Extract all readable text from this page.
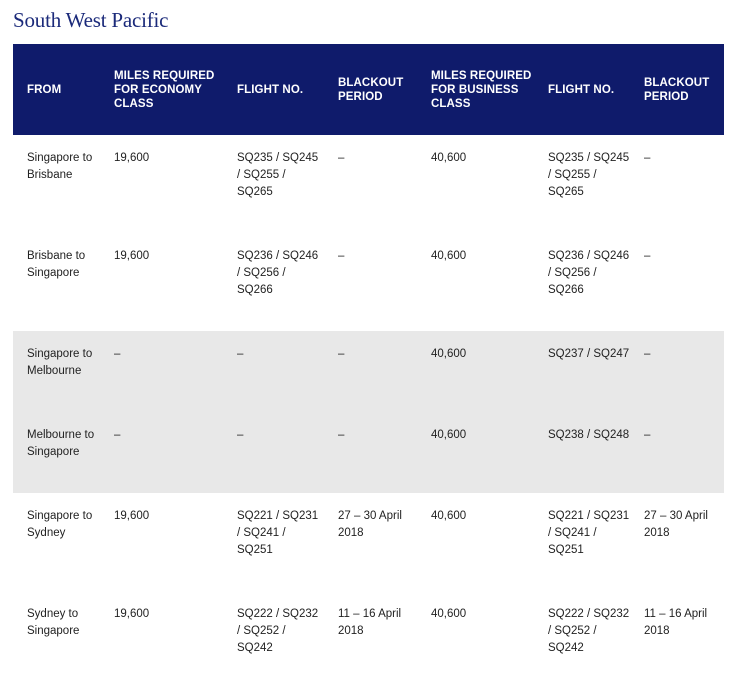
South West Pacific
FROM	MILES REQUIRED FOR ECONOMY CLASS	FLIGHT NO.	BLACKOUT PERIOD	MILES REQUIRED FOR BUSINESS CLASS	FLIGHT NO.	BLACKOUT PERIOD
Singapore to Brisbane	19,600	SQ235 / SQ245 / SQ255 / SQ265	–	40,600	SQ235 / SQ245 / SQ255 / SQ265	–
Brisbane to Singapore	19,600	SQ236 / SQ246 / SQ256 / SQ266	–	40,600	SQ236 / SQ246 / SQ256 / SQ266	–
Singapore to Melbourne	–	–	–	40,600	SQ237 / SQ247	–
Melbourne to Singapore	–	–	–	40,600	SQ238 / SQ248	–
Singapore to Sydney	19,600	SQ221 / SQ231 / SQ241 / SQ251	27 – 30 April 2018	40,600	SQ221 / SQ231 / SQ241 / SQ251	27 – 30 April 2018
Sydney to Singapore	19,600	SQ222 / SQ232 / SQ252 / SQ242	11 – 16 April 2018	40,600	SQ222 / SQ232 / SQ252 / SQ242	11 – 16 April 2018
